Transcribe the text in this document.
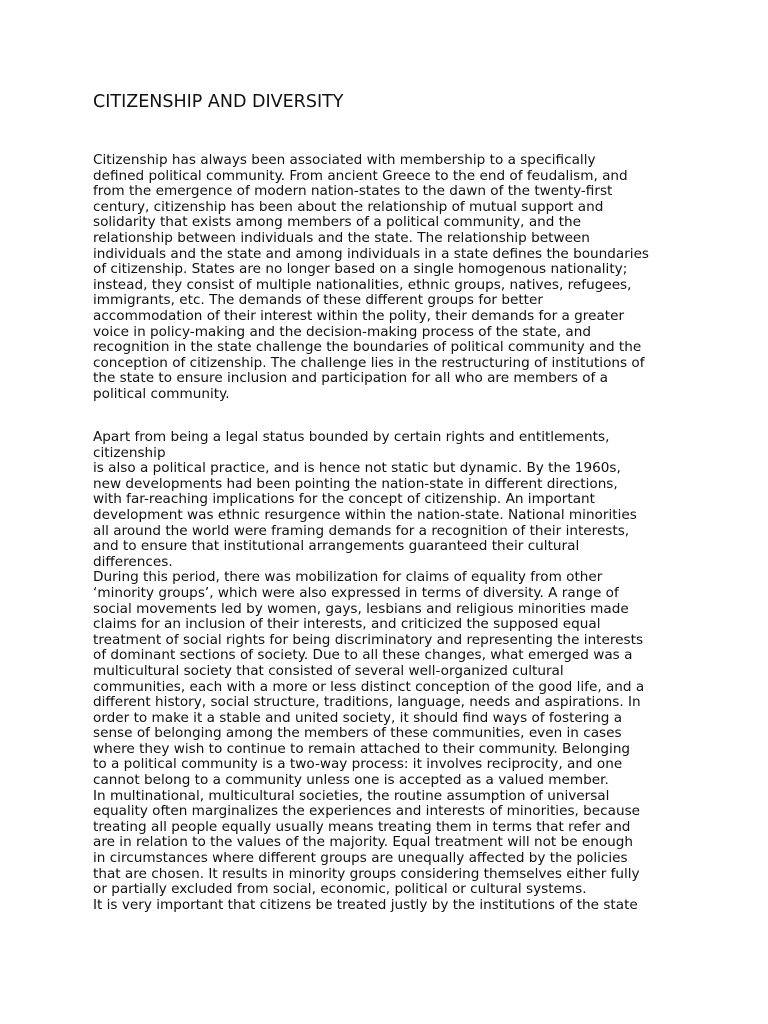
CITIZENSHIP AND DIVERSITY
Citizenship has always been associated with membership to a specifically
defined political community. From ancient Greece to the end of feudalism, and
from the emergence of modern nation-states to the dawn of the twenty-first
century, citizenship has been about the relationship of mutual support and
solidarity that exists among members of a political community, and the
relationship between individuals and the state. The relationship between
individuals and the state and among individuals in a state defines the boundaries
of citizenship. States are no longer based on a single homogenous nationality;
instead, they consist of multiple nationalities, ethnic groups, natives, refugees,
immigrants, etc. The demands of these different groups for better
accommodation of their interest within the polity, their demands for a greater
voice in policy-making and the decision-making process of the state, and
recognition in the state challenge the boundaries of political community and the
conception of citizenship. The challenge lies in the restructuring of institutions of
the state to ensure inclusion and participation for all who are members of a
political community.
Apart from being a legal status bounded by certain rights and entitlements,
citizenship
is also a political practice, and is hence not static but dynamic. By the 1960s,
new developments had been pointing the nation-state in different directions,
with far-reaching implications for the concept of citizenship. An important
development was ethnic resurgence within the nation-state. National minorities
all around the world were framing demands for a recognition of their interests,
and to ensure that institutional arrangements guaranteed their cultural
differences.
During this period, there was mobilization for claims of equality from other
‘minority groups’, which were also expressed in terms of diversity. A range of
social movements led by women, gays, lesbians and religious minorities made
claims for an inclusion of their interests, and criticized the supposed equal
treatment of social rights for being discriminatory and representing the interests
of dominant sections of society. Due to all these changes, what emerged was a
multicultural society that consisted of several well-organized cultural
communities, each with a more or less distinct conception of the good life, and a
different history, social structure, traditions, language, needs and aspirations. In
order to make it a stable and united society, it should find ways of fostering a
sense of belonging among the members of these communities, even in cases
where they wish to continue to remain attached to their community. Belonging
to a political community is a two-way process: it involves reciprocity, and one
cannot belong to a community unless one is accepted as a valued member.
In multinational, multicultural societies, the routine assumption of universal
equality often marginalizes the experiences and interests of minorities, because
treating all people equally usually means treating them in terms that refer and
are in relation to the values of the majority. Equal treatment will not be enough
in circumstances where different groups are unequally affected by the policies
that are chosen. It results in minority groups considering themselves either fully
or partially excluded from social, economic, political or cultural systems.
It is very important that citizens be treated justly by the institutions of the state
